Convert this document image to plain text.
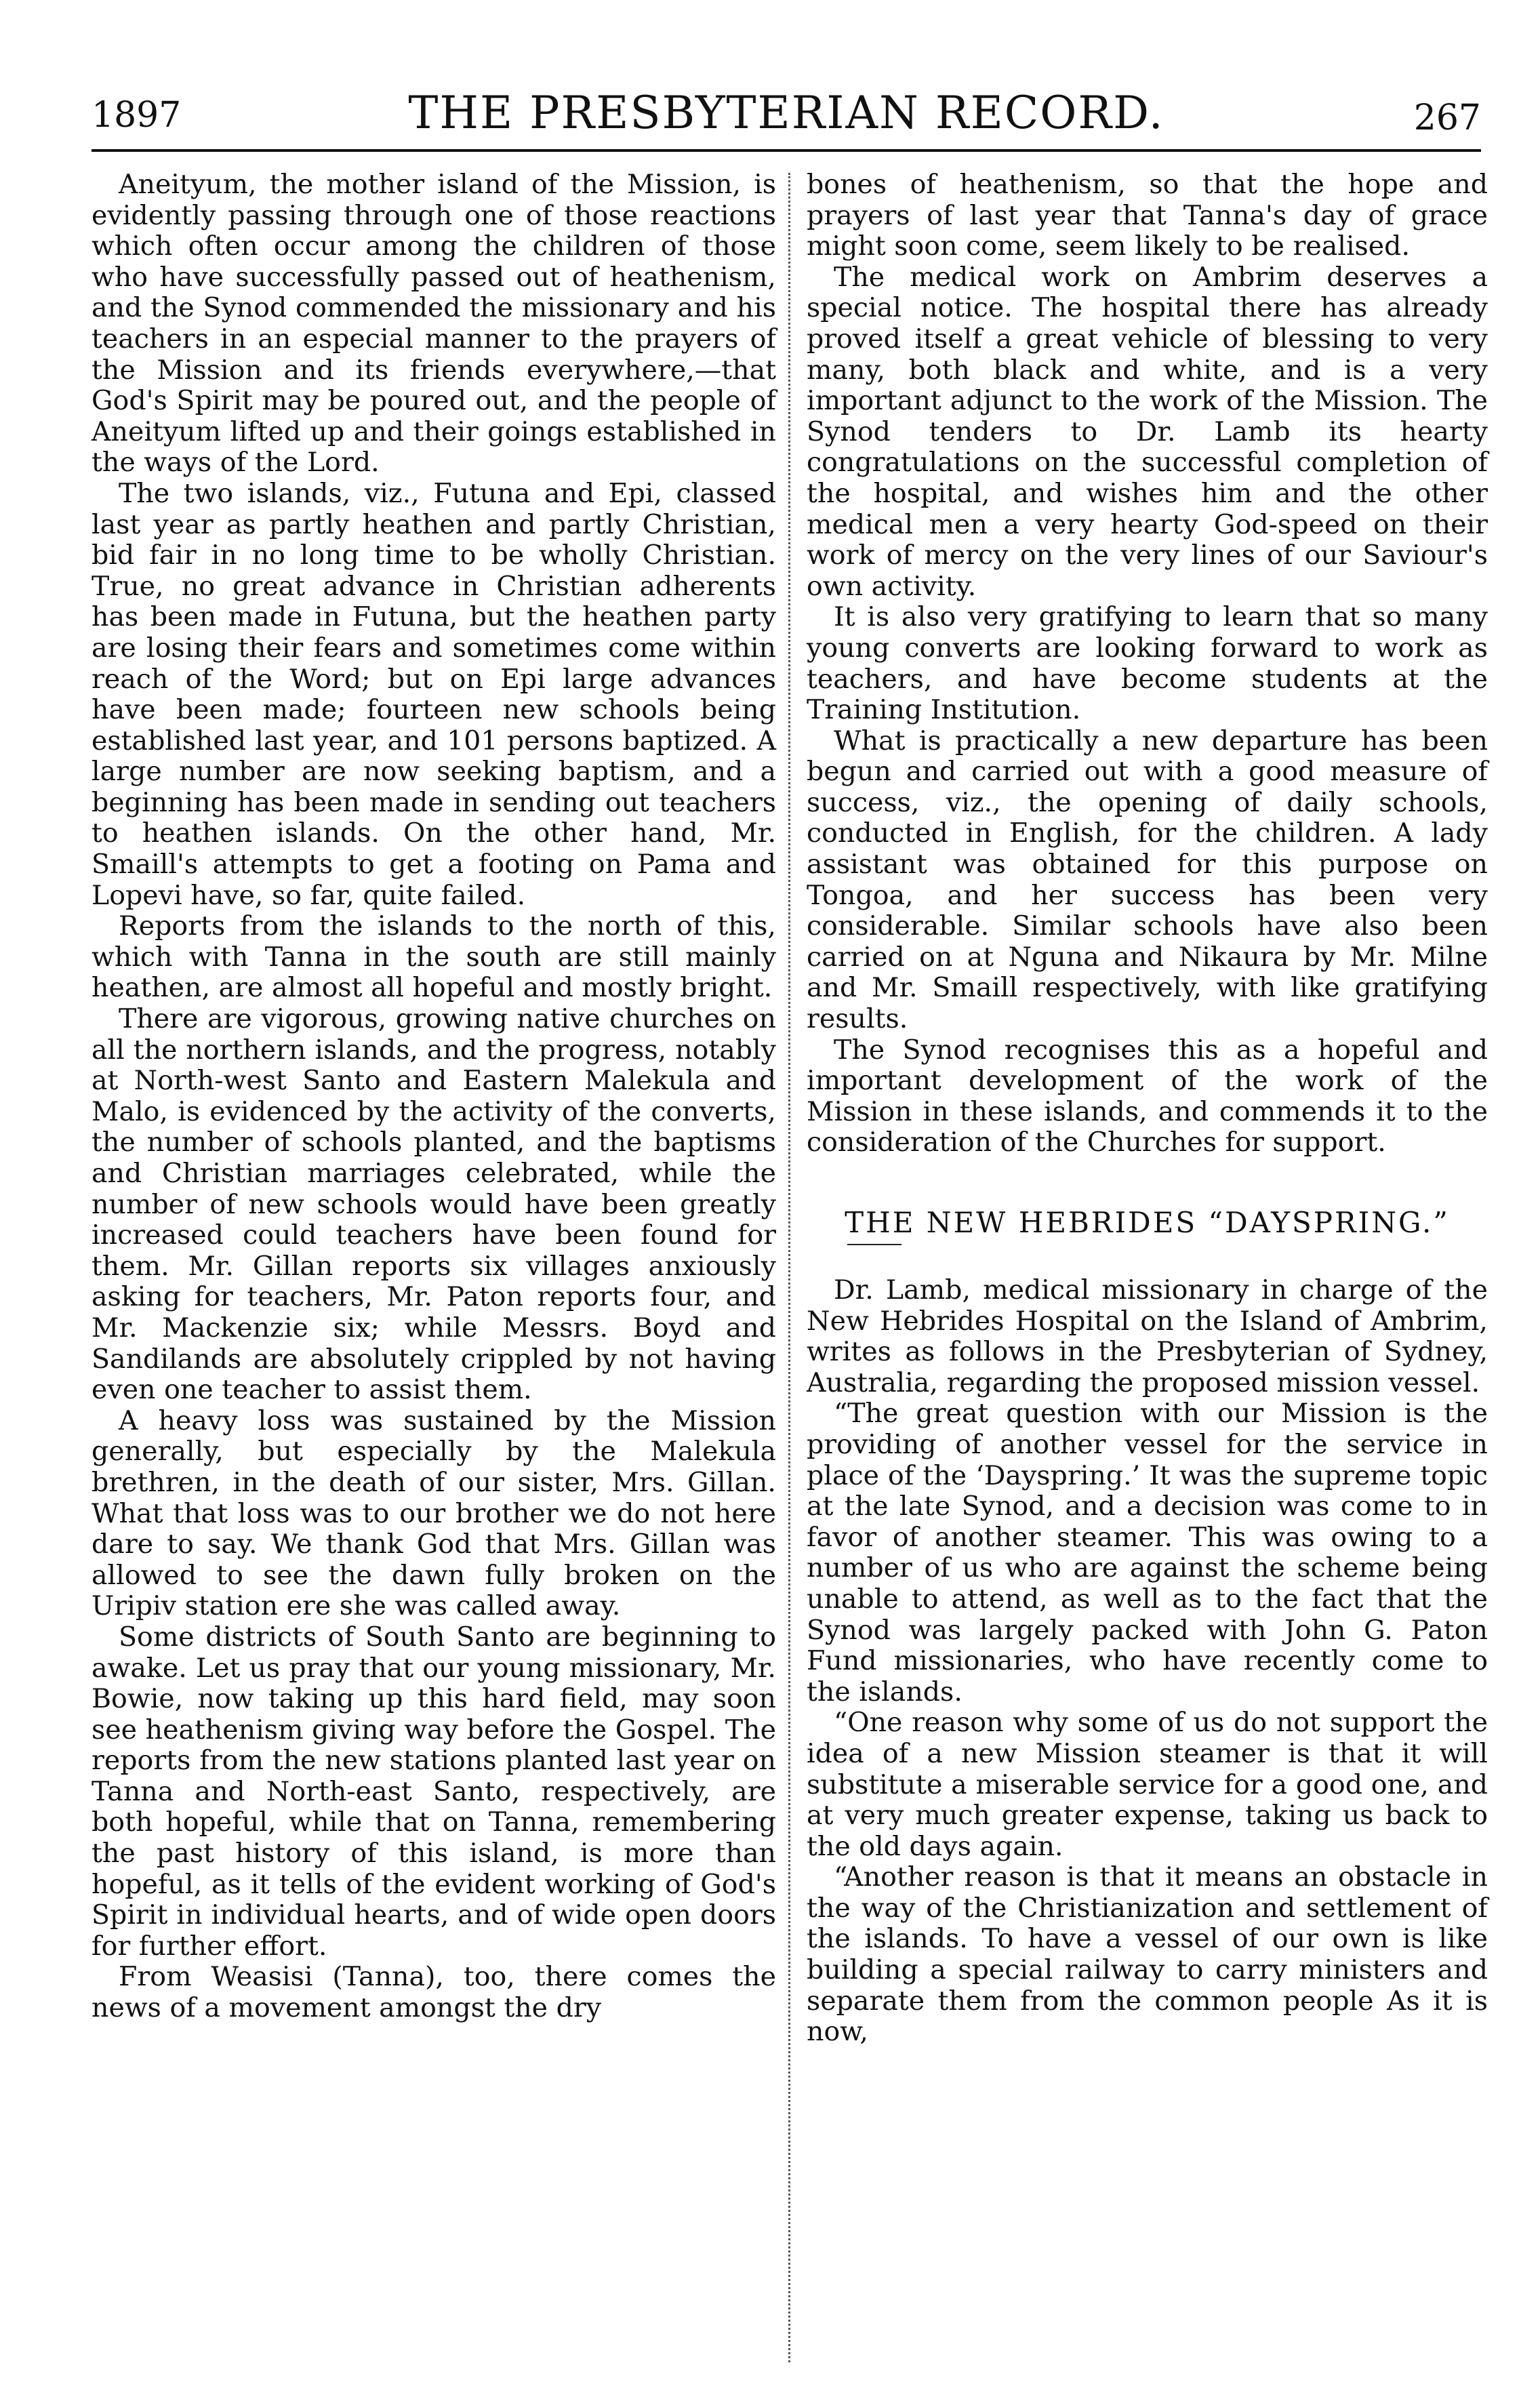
1897	THE PRESBYTERIAN RECORD.	267

Aneityum, the mother island of the Mission, is evidently passing through one of those reactions which often occur among the children of those who have successfully passed out of heathenism, and the Synod commended the missionary and his teachers in an especial manner to the prayers of the Mission and its friends everywhere,—that God's Spirit may be poured out, and the people of Aneityum lifted up and their goings established in the ways of the Lord.

The two islands, viz., Futuna and Epi, classed last year as partly heathen and partly Christian, bid fair in no long time to be wholly Christian. True, no great advance in Christian adherents has been made in Futuna, but the heathen party are losing their fears and sometimes come within reach of the Word; but on Epi large advances have been made; fourteen new schools being established last year, and 101 persons baptized. A large number are now seeking baptism, and a beginning has been made in sending out teachers to heathen islands. On the other hand, Mr. Smaill's attempts to get a footing on Pama and Lopevi have, so far, quite failed.

Reports from the islands to the north of this, which with Tanna in the south are still mainly heathen, are almost all hopeful and mostly bright.

There are vigorous, growing native churches on all the northern islands, and the progress, notably at North-west Santo and Eastern Malekula and Malo, is evidenced by the activity of the converts, the number of schools planted, and the baptisms and Christian marriages celebrated, while the number of new schools would have been greatly increased could teachers have been found for them. Mr. Gillan reports six villages anxiously asking for teachers, Mr. Paton reports four, and Mr. Mackenzie six; while Messrs. Boyd and Sandilands are absolutely crippled by not having even one teacher to assist them.

A heavy loss was sustained by the Mission generally, but especially by the Malekula brethren, in the death of our sister, Mrs. Gillan. What that loss was to our brother we do not here dare to say. We thank God that Mrs. Gillan was allowed to see the dawn fully broken on the Uripiv station ere she was called away.

Some districts of South Santo are beginning to awake. Let us pray that our young missionary, Mr. Bowie, now taking up this hard field, may soon see heathenism giving way before the Gospel. The reports from the new stations planted last year on Tanna and North-east Santo, respectively, are both hopeful, while that on Tanna, remembering the past history of this island, is more than hopeful, as it tells of the evident working of God's Spirit in individual hearts, and of wide open doors for further effort.

From Weasisi (Tanna), too, there comes the news of a movement amongst the dry

bones of heathenism, so that the hope and prayers of last year that Tanna's day of grace might soon come, seem likely to be realised.

The medical work on Ambrim deserves a special notice. The hospital there has already proved itself a great vehicle of blessing to very many, both black and white, and is a very important adjunct to the work of the Mission. The Synod tenders to Dr. Lamb its hearty congratulations on the successful completion of the hospital, and wishes him and the other medical men a very hearty God-speed on their work of mercy on the very lines of our Saviour's own activity.

It is also very gratifying to learn that so many young converts are looking forward to work as teachers, and have become students at the Training Institution.

What is practically a new departure has been begun and carried out with a good measure of success, viz., the opening of daily schools, conducted in English, for the children. A lady assistant was obtained for this purpose on Tongoa, and her success has been very considerable. Similar schools have also been carried on at Nguna and Nikaura by Mr. Milne and Mr. Smaill respectively, with like gratifying results.

The Synod recognises this as a hopeful and important development of the work of the Mission in these islands, and commends it to the consideration of the Churches for support.

THE NEW HEBRIDES “DAYSPRING.”

Dr. Lamb, medical missionary in charge of the New Hebrides Hospital on the Island of Ambrim, writes as follows in the Presbyterian of Sydney, Australia, regarding the proposed mission vessel.

“The great question with our Mission is the providing of another vessel for the service in place of the ‘Dayspring.’ It was the supreme topic at the late Synod, and a decision was come to in favor of another steamer. This was owing to a number of us who are against the scheme being unable to attend, as well as to the fact that the Synod was largely packed with John G. Paton Fund missionaries, who have recently come to the islands.

“One reason why some of us do not support the idea of a new Mission steamer is that it will substitute a miserable service for a good one, and at very much greater expense, taking us back to the old days again.

“Another reason is that it means an obstacle in the way of the Christianization and settlement of the islands. To have a vessel of our own is like building a special railway to carry ministers and separate them from the common people As it is now,
